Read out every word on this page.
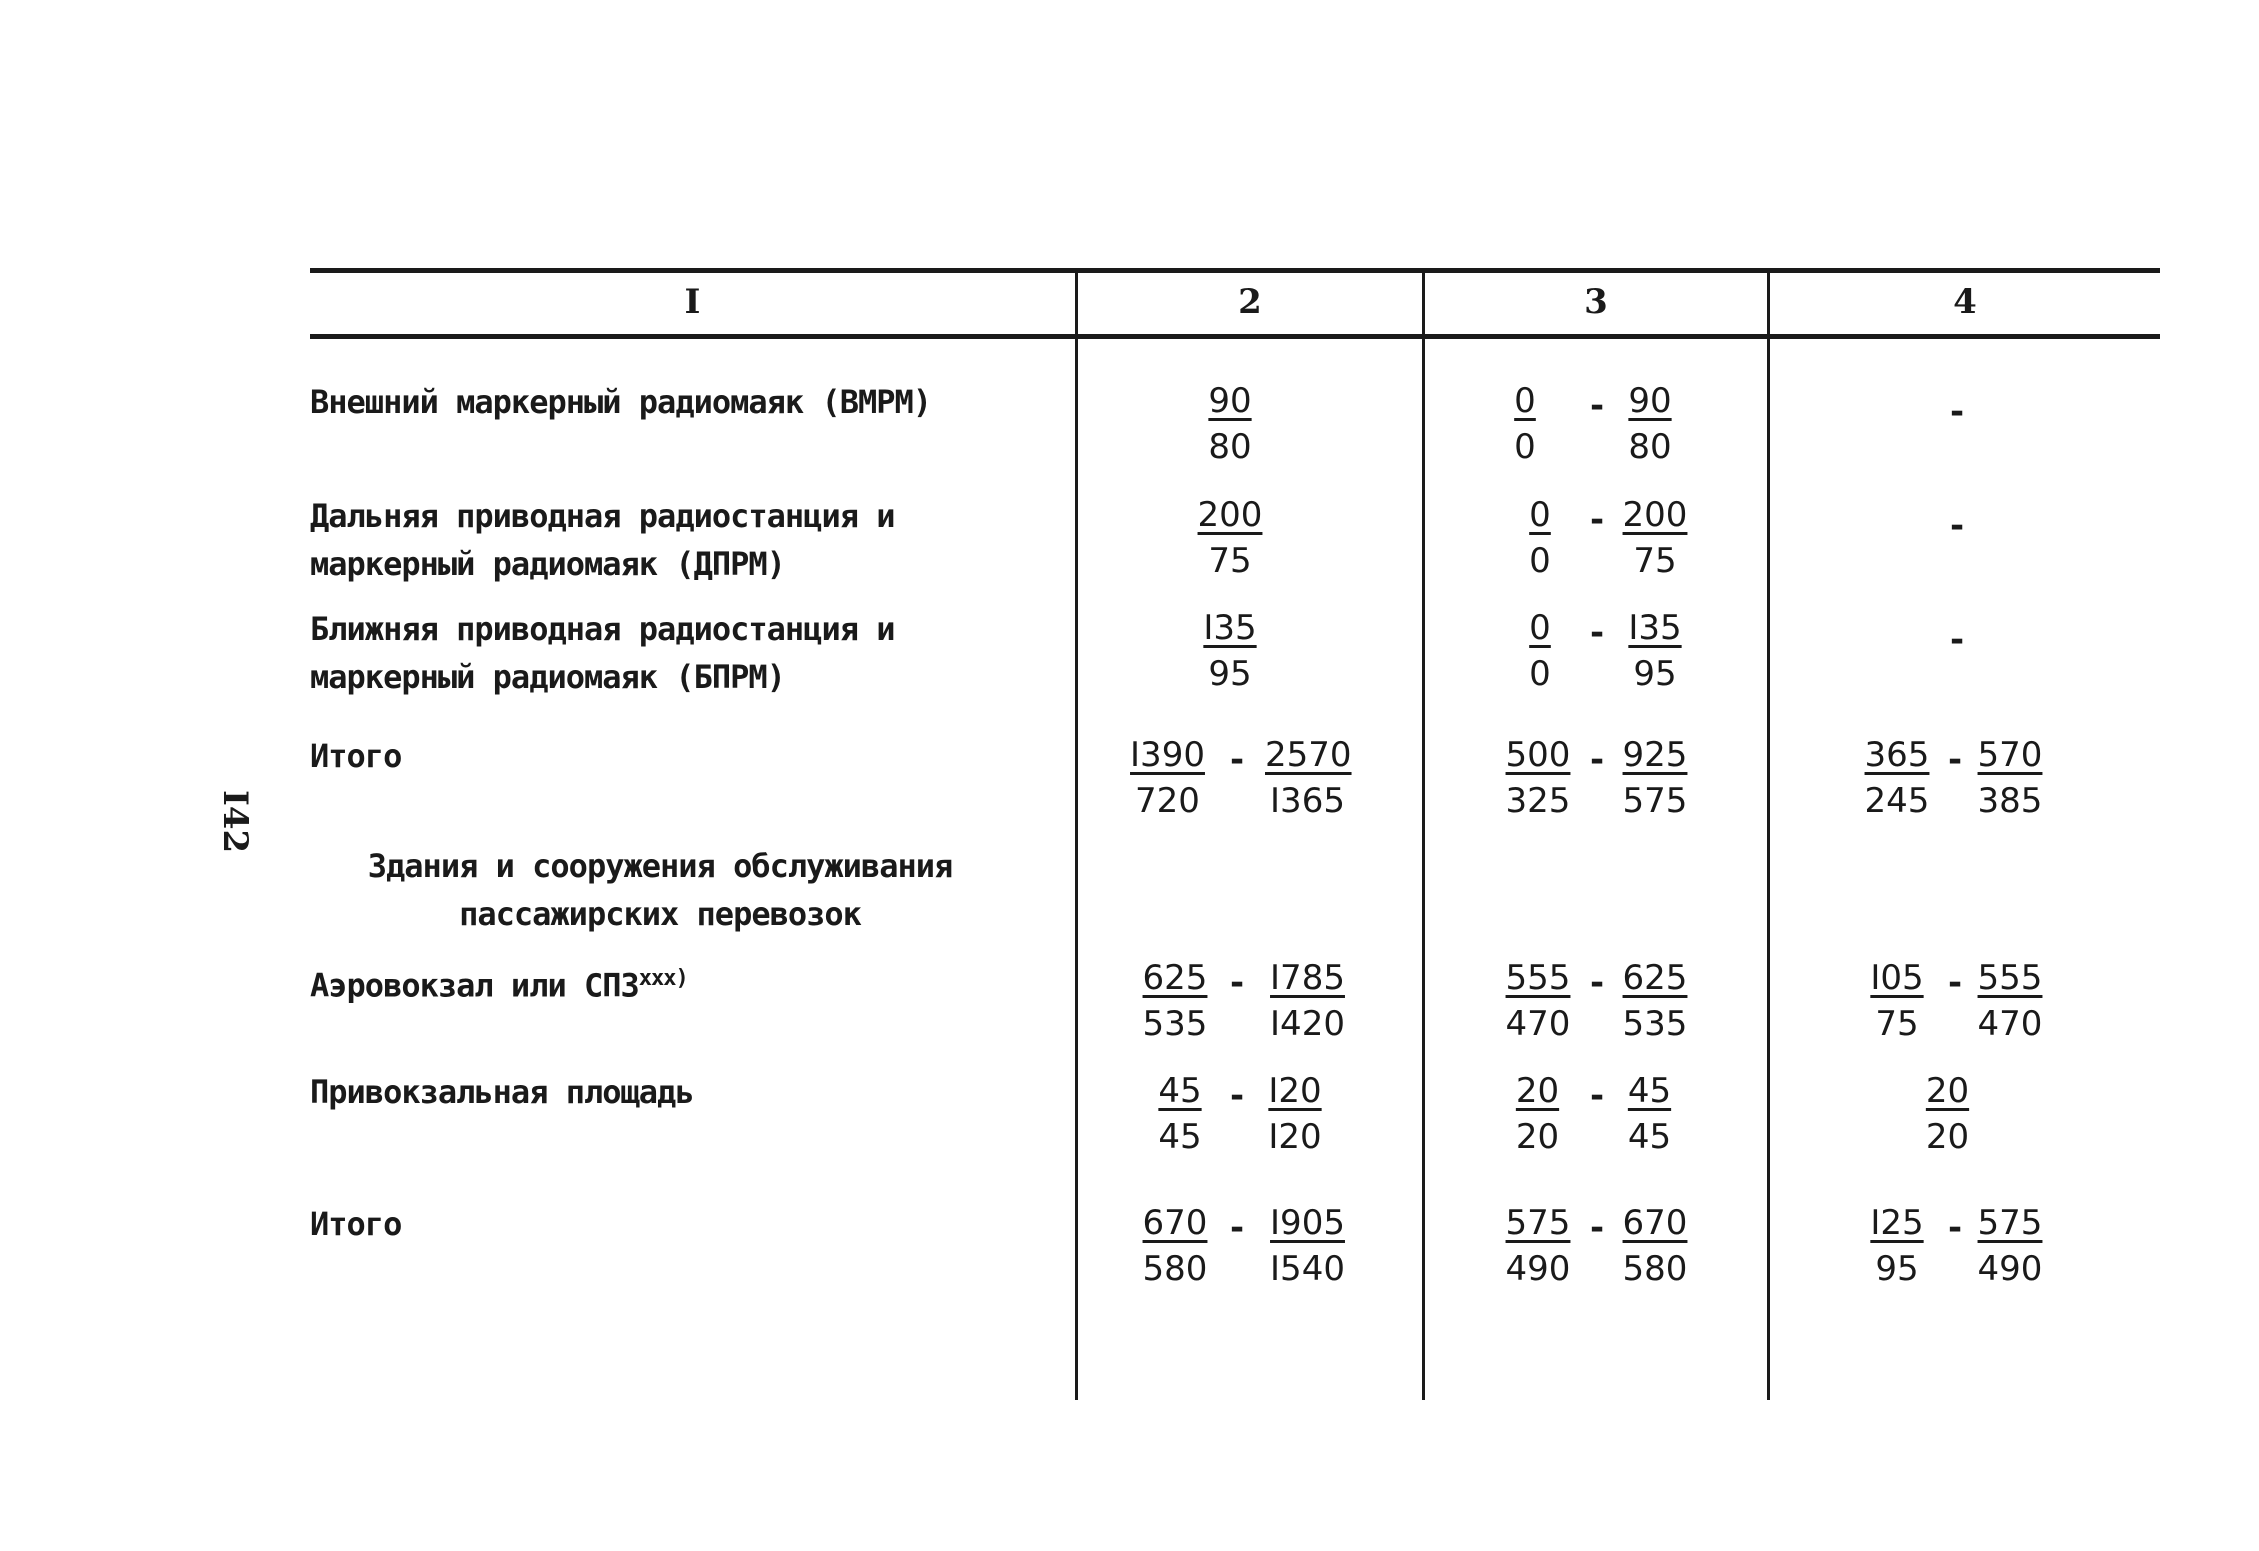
I42
I	2	3	4
Внешний маркерный радиомаяк (ВМРМ)	$\frac{90}{80}$	$\frac{0}{0} - \frac{90}{80}$	-
Дальняя приводная радиостанция и
маркерный радиомаяк (ДПРМ)	$\frac{200}{75}$	$\frac{0}{0} - \frac{200}{75}$	-
Ближняя приводная радиостанция и
маркерный радиомаяк (БПРМ)	$\frac{I35}{95}$	$\frac{0}{0} - \frac{I35}{95}$	-
Итого	$\frac{I390}{720} - \frac{2570}{I365}$	$\frac{500}{325} - \frac{925}{575}$	$\frac{365}{245} - \frac{570}{385}$
Здания и сооружения обслуживания
пассажирских перевозок
Аэровокзал или СПЗ$^{xxx)}$	$\frac{625}{535} - \frac{I785}{I420}$	$\frac{555}{470} - \frac{625}{535}$	$\frac{I05}{75} - \frac{555}{470}$
Привокзальная площадь	$\frac{45}{45} - \frac{I20}{I20}$	$\frac{20}{20} - \frac{45}{45}$	$\frac{20}{20}$
Итого	$\frac{670}{580} - \frac{I905}{I540}$	$\frac{575}{490} - \frac{670}{580}$	$\frac{I25}{95} - \frac{575}{490}$
